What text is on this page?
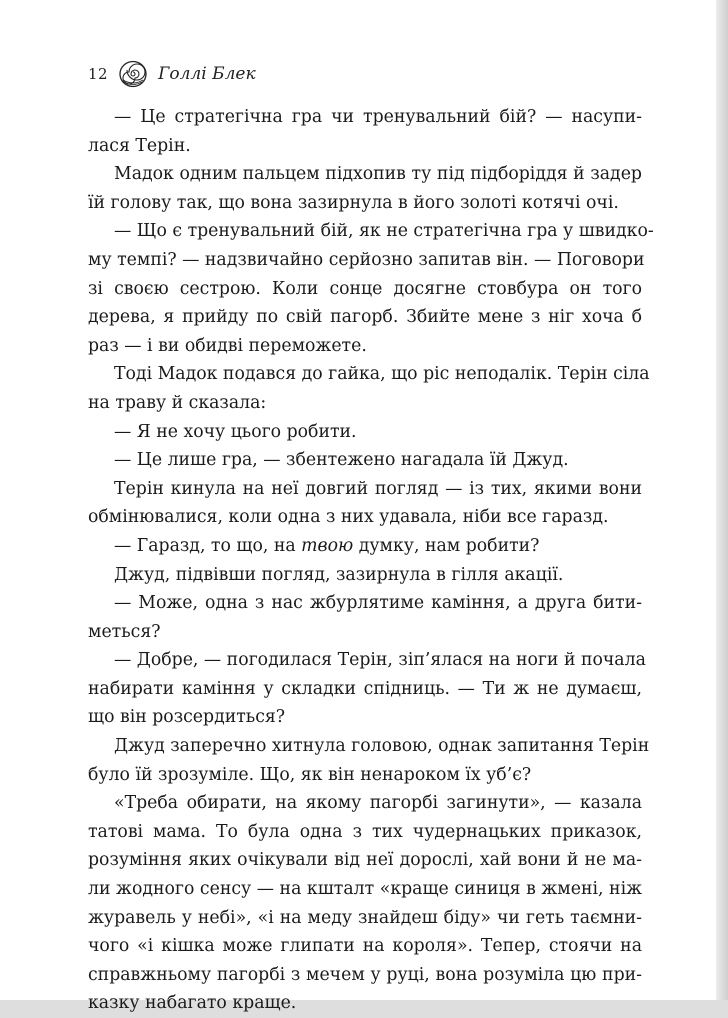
12	Голлі Блек
— Це стратегічна гра чи тренувальний бій? — насупи-
лася Терін.
Мадок одним пальцем підхопив ту під підборіддя й задер
їй голову так, що вона зазирнула в його золоті котячі очі.
— Що є тренувальний бій, як не стратегічна гра у швидко-
му темпі? — надзвичайно серйозно запитав він. — Поговори
зі своєю сестрою. Коли сонце досягне стовбура он того
дерева, я прийду по свій пагорб. Збийте мене з ніг хоча б
раз — і ви обидві переможете.
Тоді Мадок подався до гайка, що ріс неподалік. Терін сіла
на траву й сказала:
— Я не хочу цього робити.
— Це лише гра, — збентежено нагадала їй Джуд.
Терін кинула на неї довгий погляд — із тих, якими вони
обмінювалися, коли одна з них удавала, ніби все гаразд.
— Гаразд, то що, на твою думку, нам робити?
Джуд, підвівши погляд, зазирнула в гілля акації.
— Може, одна з нас жбурлятиме каміння, а друга бити-
меться?
— Добре, — погодилася Терін, зіп’ялася на ноги й почала
набирати каміння у складки спідниць. — Ти ж не думаєш,
що він розсердиться?
Джуд заперечно хитнула головою, однак запитання Терін
було їй зрозуміле. Що, як він ненароком їх уб’є?
«Треба обирати, на якому пагорбі загинути», — казала
татові мама. То була одна з тих чудернацьких приказок,
розуміння яких очікували від неї дорослі, хай вони й не ма-
ли жодного сенсу — на кшталт «краще синиця в жмені, ніж
журавель у небі», «і на меду знайдеш біду» чи геть таємни-
чого «і кішка може глипати на короля». Тепер, стоячи на
справжньому пагорбі з мечем у руці, вона розуміла цю при-
казку набагато краще.
